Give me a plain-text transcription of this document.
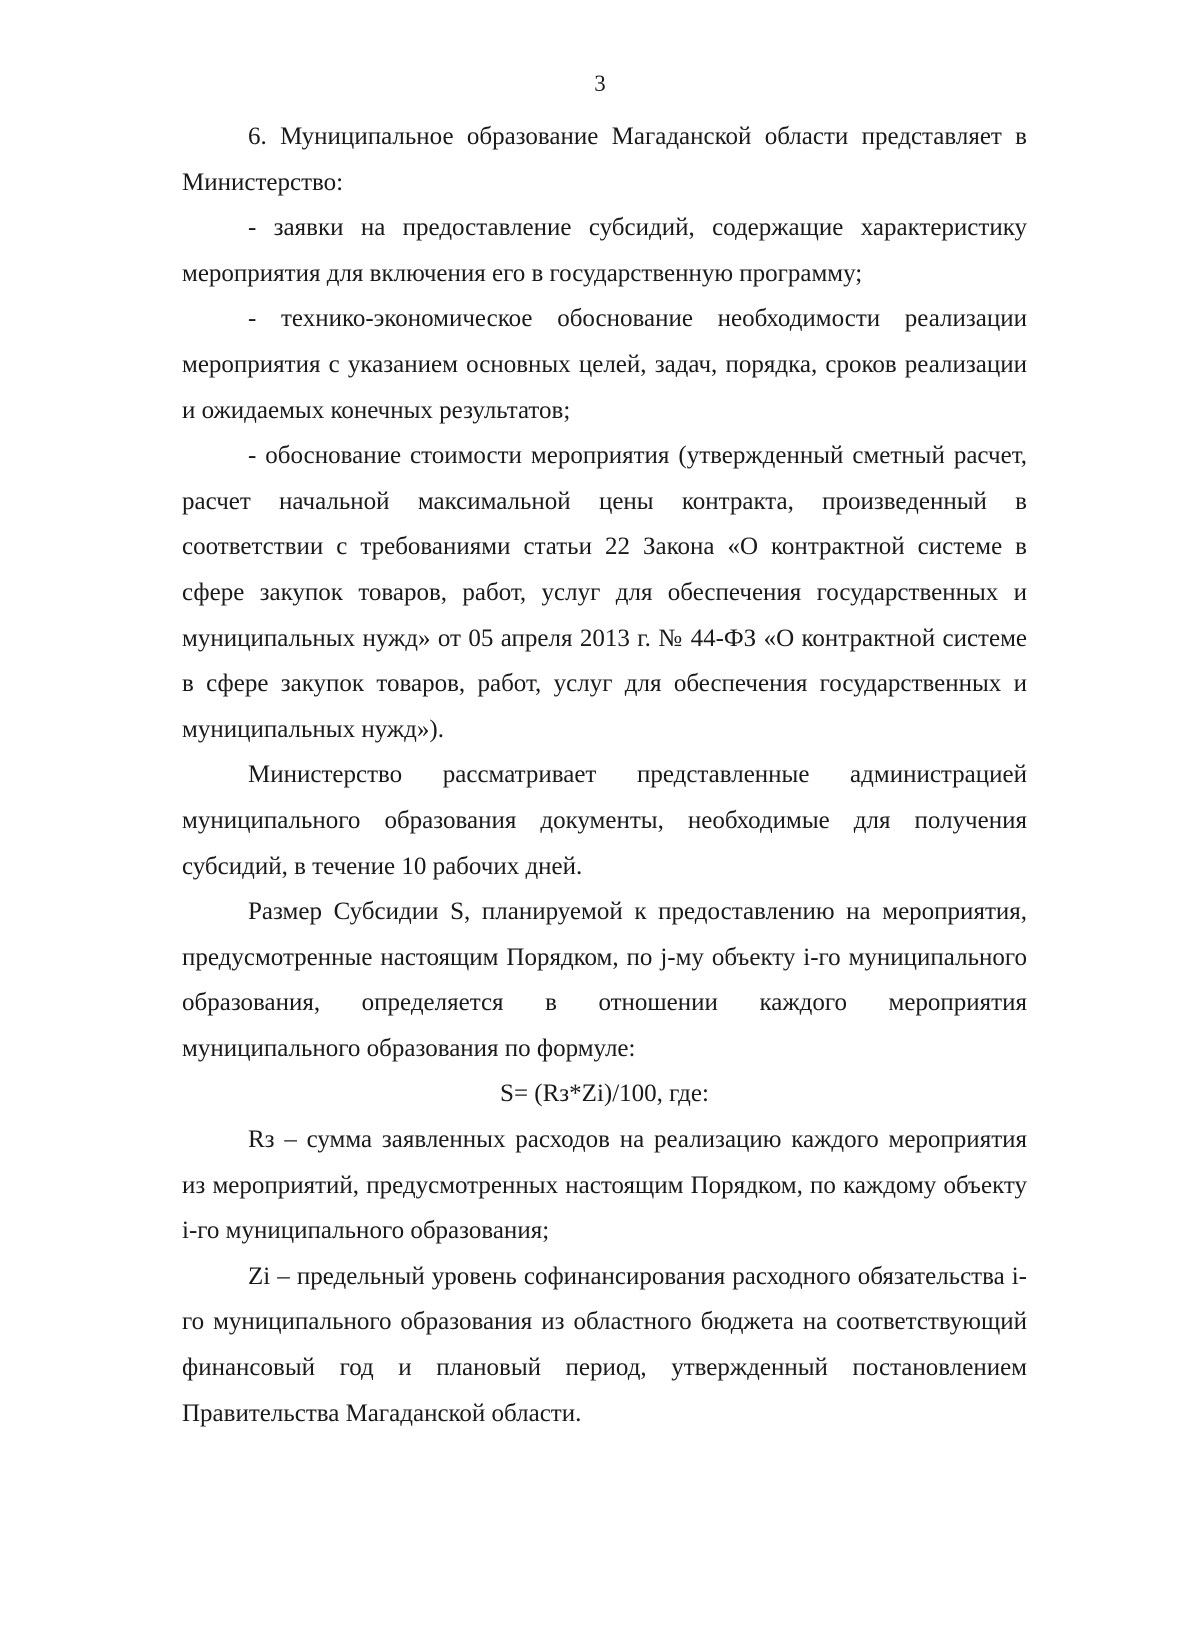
3

6. Муниципальное образование Магаданской области представляет в Министерство:

- заявки на предоставление субсидий, содержащие характеристику мероприятия для включения его в государственную программу;

- технико-экономическое обоснование необходимости реализации мероприятия с указанием основных целей, задач, порядка, сроков реализации и ожидаемых конечных результатов;

- обоснование стоимости мероприятия (утвержденный сметный расчет, расчет начальной максимальной цены контракта, произведенный в соответствии с требованиями статьи 22 Закона «О контрактной системе в сфере закупок товаров, работ, услуг для обеспечения государственных и муниципальных нужд» от 05 апреля 2013 г. № 44-ФЗ «О контрактной системе в сфере закупок товаров, работ, услуг для обеспечения государственных и муниципальных нужд»).

Министерство рассматривает представленные администрацией муниципального образования документы, необходимые для получения субсидий, в течение 10 рабочих дней.

Размер Субсидии S, планируемой к предоставлению на мероприятия, предусмотренные настоящим Порядком, по j-му объекту i-го муниципального образования, определяется в отношении каждого мероприятия муниципального образования по формуле:

S= (Rз*Zi)/100, где:

Rз – сумма заявленных расходов на реализацию каждого мероприятия из мероприятий, предусмотренных настоящим Порядком, по каждому объекту i-го муниципального образования;

Zi – предельный уровень софинансирования расходного обязательства i-го муниципального образования из областного бюджета на соответствующий финансовый год и плановый период, утвержденный постановлением Правительства Магаданской области.
